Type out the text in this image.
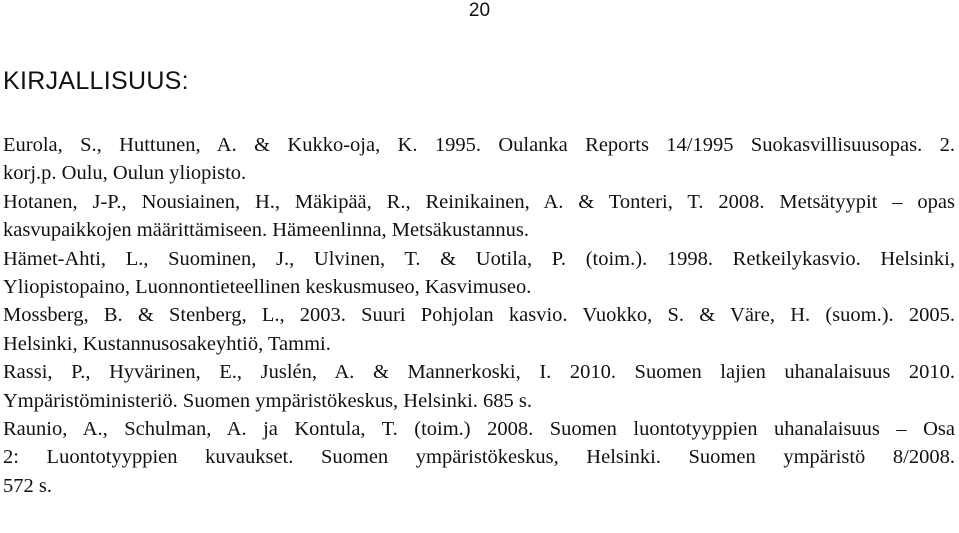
20
KIRJALLISUUS:
Eurola, S., Huttunen, A. & Kukko-oja, K. 1995. Oulanka Reports 14/1995 Suokasvillisuusopas. 2.
korj.p. Oulu, Oulun yliopisto.
Hotanen, J-P., Nousiainen, H., Mäkipää, R., Reinikainen, A. & Tonteri, T. 2008. Metsätyypit – opas
kasvupaikkojen määrittämiseen. Hämeenlinna, Metsäkustannus.
Hämet-Ahti, L., Suominen, J., Ulvinen, T. & Uotila, P. (toim.). 1998. Retkeilykasvio. Helsinki,
Yliopistopaino, Luonnontieteellinen keskusmuseo, Kasvimuseo.
Mossberg, B. & Stenberg, L., 2003. Suuri Pohjolan kasvio. Vuokko, S. & Väre, H. (suom.). 2005.
Helsinki, Kustannusosakeyhtiö, Tammi.
Rassi, P., Hyvärinen, E., Juslén, A. & Mannerkoski, I. 2010. Suomen lajien uhanalaisuus 2010.
Ympäristöministeriö. Suomen ympäristökeskus, Helsinki. 685 s.
Raunio, A., Schulman, A. ja Kontula, T. (toim.) 2008. Suomen luontotyyppien uhanalaisuus – Osa
2: Luontotyyppien kuvaukset. Suomen ympäristökeskus, Helsinki. Suomen ympäristö 8/2008.
572 s.
